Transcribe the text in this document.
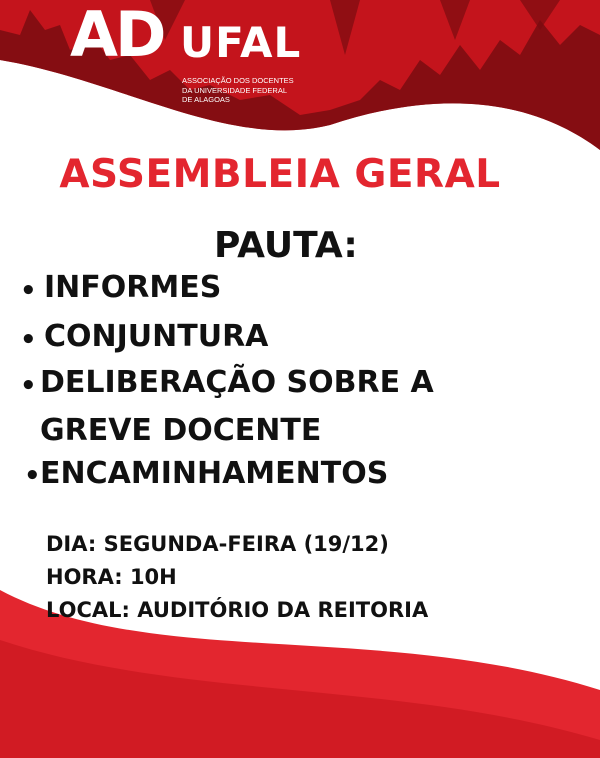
AD UFAL
ASSOCIAÇÃO DOS DOCENTES
DA UNIVERSIDADE FEDERAL
DE ALAGOAS
ASSEMBLEIA GERAL
PAUTA:
• INFORMES
• CONJUNTURA
• DELIBERAÇÃO SOBRE A
GREVE DOCENTE
• ENCAMINHAMENTOS
DIA: SEGUNDA-FEIRA (19/12)
HORA: 10H
LOCAL: AUDITÓRIO DA REITORIA
